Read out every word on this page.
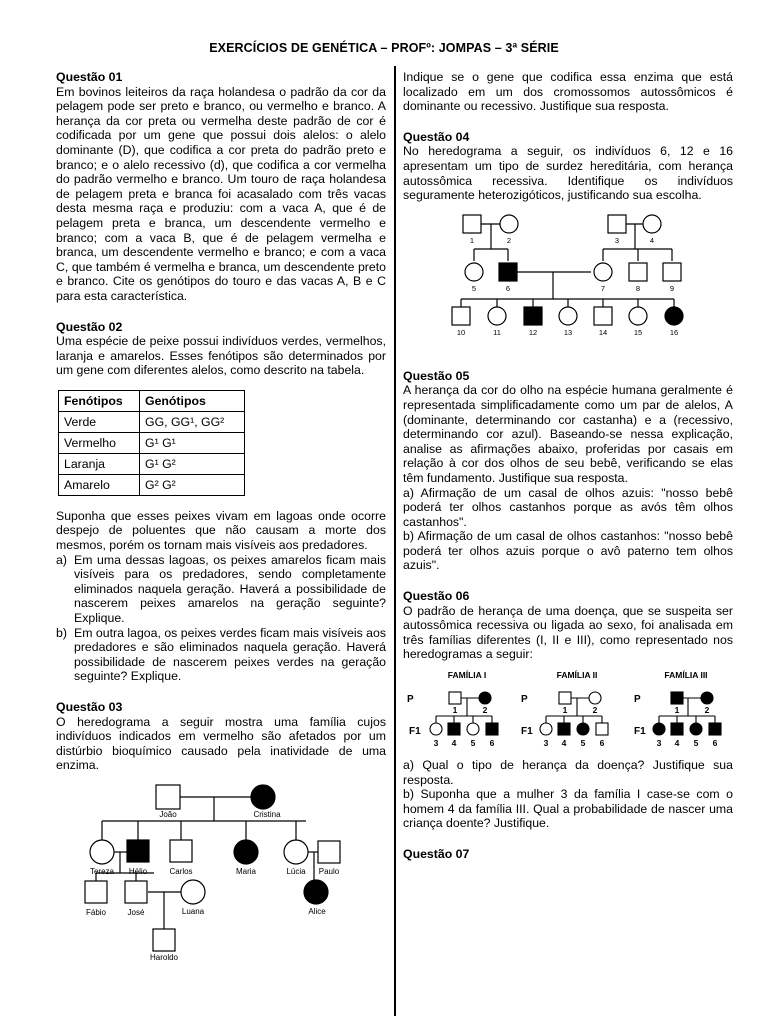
EXERCÍCIOS DE GENÉTICA – PROFº: JOMPAS – 3ª SÉRIE

Questão 01

Em bovinos leiteiros da raça holandesa o padrão da cor da pelagem pode ser preto e branco, ou vermelho e branco. A herança da cor preta ou vermelha deste padrão de cor é codificada por um gene que possui dois alelos: o alelo dominante (D), que codifica a cor preta do padrão preto e branco; e o alelo recessivo (d), que codifica a cor vermelha do padrão vermelho e branco. Um touro de raça holandesa de pelagem preta e branca foi acasalado com três vacas desta mesma raça e produziu: com a vaca A, que é de pelagem preta e branca, um descendente vermelho e branco; com a vaca B, que é de pelagem vermelha e branca, um descendente vermelho e branco; e com a vaca C, que também é vermelha e branca, um descendente preto e branco. Cite os genótipos do touro e das vacas A, B e C para esta característica.

Questão 02

Uma espécie de peixe possui indivíduos verdes, vermelhos, laranja e amarelos. Esses fenótipos são determinados por um gene com diferentes alelos, como descrito na tabela.

Fenótipos	Genótipos
Verde	GG, GG¹, GG²
Vermelho	G¹ G¹
Laranja	G¹ G²
Amarelo	G² G²

Suponha que esses peixes vivam em lagoas onde ocorre despejo de poluentes que não causam a morte dos mesmos, porém os tornam mais visíveis aos predadores.

a) Em uma dessas lagoas, os peixes amarelos ficam mais visíveis para os predadores, sendo completamente eliminados naquela geração. Haverá a possibilidade de nascerem peixes amarelos na geração seguinte? Explique.
b) Em outra lagoa, os peixes verdes ficam mais visíveis aos predadores e são eliminados naquela geração. Haverá possibilidade de nascerem peixes verdes na geração seguinte? Explique.

Questão 03

O heredograma a seguir mostra uma família cujos indivíduos indicados em vermelho são afetados por um distúrbio bioquímico causado pela inatividade de uma enzima.

João	Cristina
Tereza Hélio	Carlos	Maria	Lúcia Paulo
Alice
Fábio	José	Luana
Haroldo

Indique se o gene que codifica essa enzima que está localizado em um dos cromossomos autossômicos é dominante ou recessivo. Justifique sua resposta.

Questão 04

No heredograma a seguir, os indivíduos 6, 12 e 16 apresentam um tipo de surdez hereditária, com herança autossômica recessiva. Identifique os indivíduos seguramente heterozigóticos, justificando sua escolha.

1	2	3	4
5	6	7	8	9
10	11	12	13	14	15	16

Questão 05

A herança da cor do olho na espécie humana geralmente é representada simplificadamente como um par de alelos, A (dominante, determinando cor castanha) e a (recessivo, determinando cor azul). Baseando-se nessa explicação, analise as afirmações abaixo, proferidas por casais em relação à cor dos olhos de seu bebê, verificando se elas têm fundamento. Justifique sua resposta.

a) Afirmação de um casal de olhos azuis: "nosso bebê poderá ter olhos castanhos porque as avós têm olhos castanhos".

b) Afirmação de um casal de olhos castanhos: "nosso bebê poderá ter olhos azuis porque o avô paterno tem olhos azuis".

Questão 06

O padrão de herança de uma doença, que se suspeita ser autossômica recessiva ou ligada ao sexo, foi analisada em três famílias diferentes (I, II e III), como representado nos heredogramas a seguir:

FAMÍLIA I	FAMÍLIA II	FAMÍLIA III
P
F1
P
F1
P
F1
1	2	1	2	1	2
3 4 5 6	3 4 5 6	3 4 5 6

a) Qual o tipo de herança da doença? Justifique sua resposta.

b) Suponha que a mulher 3 da família I case-se com o homem 4 da família III. Qual a probabilidade de nascer uma criança doente? Justifique.

Questão 07
